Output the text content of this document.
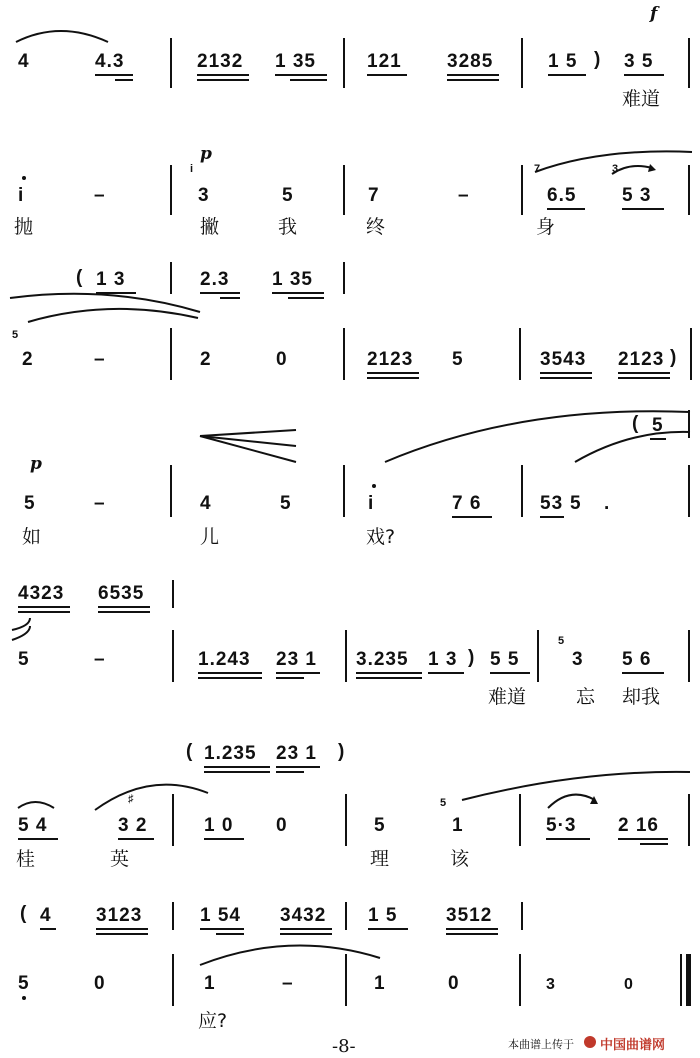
f
4	4.3	2132 1 35	121 3285	1 5 ) 3 5
难道
i	–
i
p
3	5	7	–
7
6.5
3
5 3
抛	撇	我	终	身
( 1 3	2.3 1 35
5
2	–	2	0	2123 5	3543 2123 )
( 5
p
5	–	4	5	i	7 6	53 5 .
如	儿	戏?
4323 6535
5	–	1.243 23 1 3.235 1 3 ) 5 5
5
3 5 6
难道	忘 却我
( 1.235 23 1 )
5 4	3 2
♯
1 0 0	5
5
1	5·3 2 16
桂	英	理	该
( 4 3123	1 54 3432 1 5	3512
5	0	1	–	1	0	3	0
应?
-8-	本曲谱上传于 中国曲谱网
